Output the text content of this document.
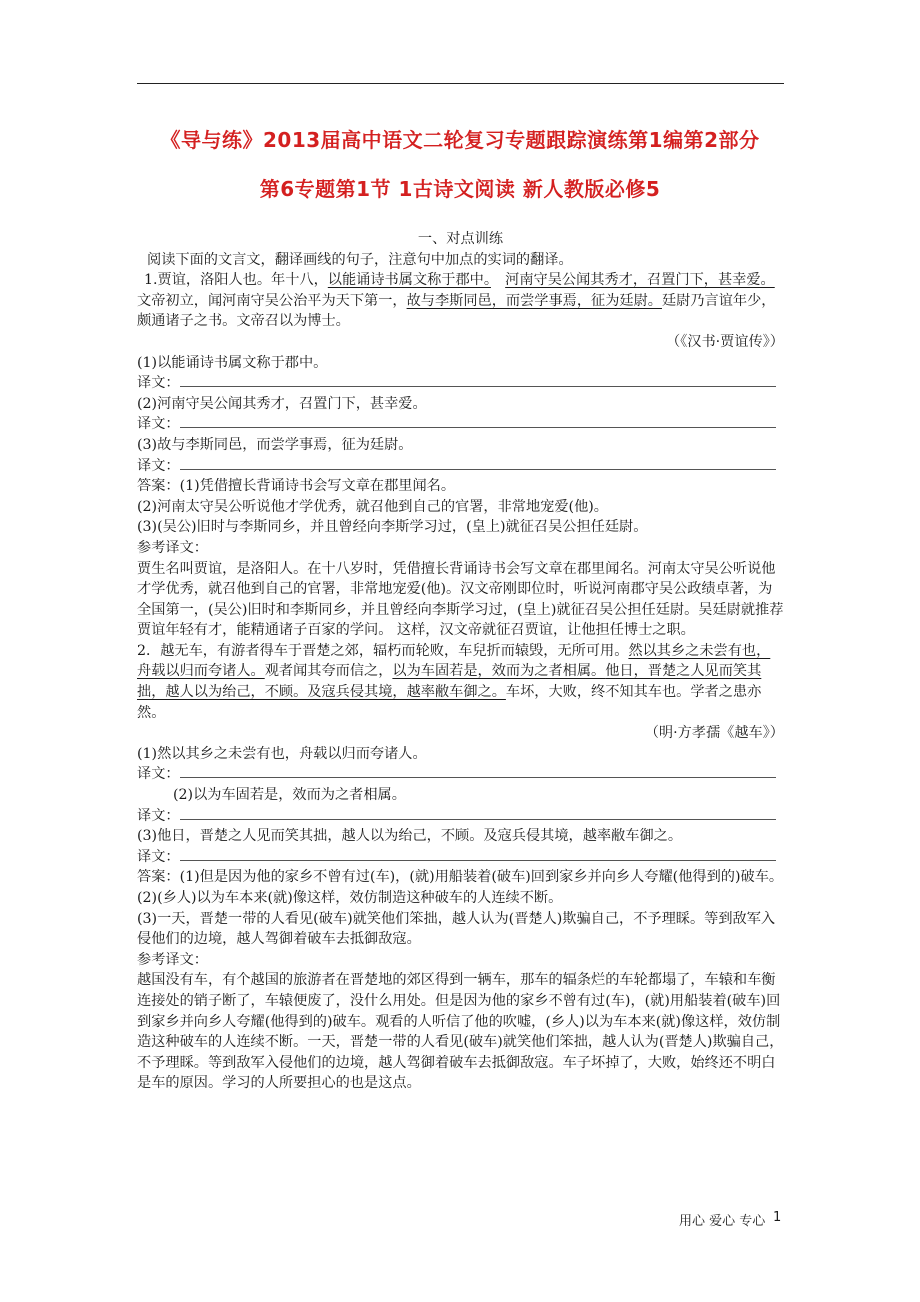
《导与练》2013届高中语文二轮复习专题跟踪演练第1编第2部分
第6专题第1节 1古诗文阅读 新人教版必修5

一、对点训练

阅读下面的文言文，翻译画线的句子，注意句中加点的实词的翻译。

1.贾谊，洛阳人也。年十八，以能诵诗书属文称于郡中。　 河南守吴公闻其秀才，召置门下，甚幸爱。文帝初立，闻河南守吴公治平为天下第一，故与李斯同邑，而尝学事焉，征为廷尉。廷尉乃言谊年少，颇通诸子之书。文帝召以为博士。

（《汉书·贾谊传》）

(1)以能诵诗书属文称于郡中。

译文：

(2)河南守吴公闻其秀才，召置门下，甚幸爱。

译文：

(3)故与李斯同邑，而尝学事焉，征为廷尉。

译文：

答案：(1)凭借擅长背诵诗书会写文章在郡里闻名。

(2)河南太守吴公听说他才学优秀，就召他到自己的官署，非常地宠爱(他)。

(3)(吴公)旧时与李斯同乡，并且曾经向李斯学习过，(皇上)就征召吴公担任廷尉。

参考译文：

贾生名叫贾谊，是洛阳人。在十八岁时，凭借擅长背诵诗书会写文章在郡里闻名。河南太守吴公听说他才学优秀，就召他到自己的官署，非常地宠爱(他)。汉文帝刚即位时，听说河南郡守吴公政绩卓著，为全国第一，(吴公)旧时和李斯同乡，并且曾经向李斯学习过，(皇上)就征召吴公担任廷尉。吴廷尉就推荐贾谊年轻有才，能精通诸子百家的学问。 这样，汉文帝就征召贾谊，让他担任博士之职。

2．越无车，有游者得车于晋楚之郊，辐朽而轮败，车兒折而辕毁，无所可用。然以其乡之未尝有也，舟载以归而夸诸人。观者闻其夸而信之，以为车固若是，效而为之者相属。他日，晋楚之人见而笑其拙，越人以为绐己，不顾。及寇兵侵其境，越率敝车御之。车坏，大败，终不知其车也。学者之患亦然。

（明·方孝孺《越车》）

(1)然以其乡之未尝有也，舟载以归而夸诸人。

译文：

(2)以为车固若是，效而为之者相属。

译文：

(3)他日，晋楚之人见而笑其拙，越人以为绐己，不顾。及寇兵侵其境，越率敝车御之。

译文：

答案：(1)但是因为他的家乡不曾有过(车)，(就)用船装着(破车)回到家乡并向乡人夸耀(他得到的)破车。

(2)(乡人)以为车本来(就)像这样，效仿制造这种破车的人连续不断。

(3)一天，晋楚一带的人看见(破车)就笑他们笨拙，越人认为(晋楚人)欺骗自己，不予理睬。等到敌军入侵他们的边境，越人驾御着破车去抵御敌寇。

参考译文：

越国没有车，有个越国的旅游者在晋楚地的郊区得到一辆车，那车的辐条烂的车轮都塌了，车辕和车衡连接处的销子断了，车辕便废了，没什么用处。但是因为他的家乡不曾有过(车)，(就)用船装着(破车)回到家乡并向乡人夸耀(他得到的)破车。观看的人听信了他的吹嘘，(乡人)以为车本来(就)像这样，效仿制造这种破车的人连续不断。一天，晋楚一带的人看见(破车)就笑他们笨拙，越人认为(晋楚人)欺骗自己，不予理睬。等到敌军入侵他们的边境，越人驾御着破车去抵御敌寇。车子坏掉了，大败，始终还不明白是车的原因。学习的人所要担心的也是这点。

用心 爱心 专心 1
